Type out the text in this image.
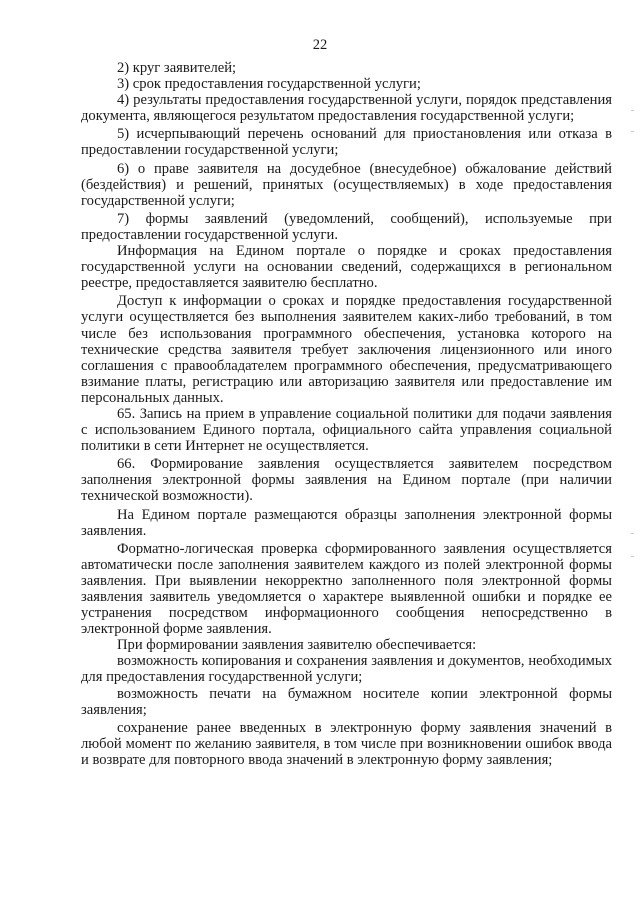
22

2) круг заявителей;

3) срок предоставления государственной услуги;

4) результаты предоставления государственной услуги, порядок представления документа, являющегося результатом предоставления государственной услуги;

5) исчерпывающий перечень оснований для приостановления или отказа в предоставлении государственной услуги;

6) о праве заявителя на досудебное (внесудебное) обжалование действий (бездействия) и решений, принятых (осуществляемых) в ходе предоставления государственной услуги;

7) формы заявлений (уведомлений, сообщений), используемые при предоставлении государственной услуги.

Информация на Едином портале о порядке и сроках предоставления государственной услуги на основании сведений, содержащихся в региональном реестре, предоставляется заявителю бесплатно.

Доступ к информации о сроках и порядке предоставления государственной услуги осуществляется без выполнения заявителем каких-либо требований, в том числе без использования программного обеспечения, установка которого на технические средства заявителя требует заключения лицензионного или иного соглашения с правообладателем программного обеспечения, предусматривающего взимание платы, регистрацию или авторизацию заявителя или предоставление им персональных данных.

65. Запись на прием в управление социальной политики для подачи заявления с использованием Единого портала, официального сайта управления социальной политики в сети Интернет не осуществляется.

66. Формирование заявления осуществляется заявителем посредством заполнения электронной формы заявления на Едином портале (при наличии технической возможности).

На Едином портале размещаются образцы заполнения электронной формы заявления.

Форматно-логическая проверка сформированного заявления осуществляется автоматически после заполнения заявителем каждого из полей электронной формы заявления. При выявлении некорректно заполненного поля электронной формы заявления заявитель уведомляется о характере выявленной ошибки и порядке ее устранения посредством информационного сообщения непосредственно в электронной форме заявления.

При формировании заявления заявителю обеспечивается:

возможность копирования и сохранения заявления и документов, необходимых для предоставления государственной услуги;

возможность печати на бумажном носителе копии электронной формы заявления;

сохранение ранее введенных в электронную форму заявления значений в любой момент по желанию заявителя, в том числе при возникновении ошибок ввода и возврате для повторного ввода значений в электронную форму заявления;
